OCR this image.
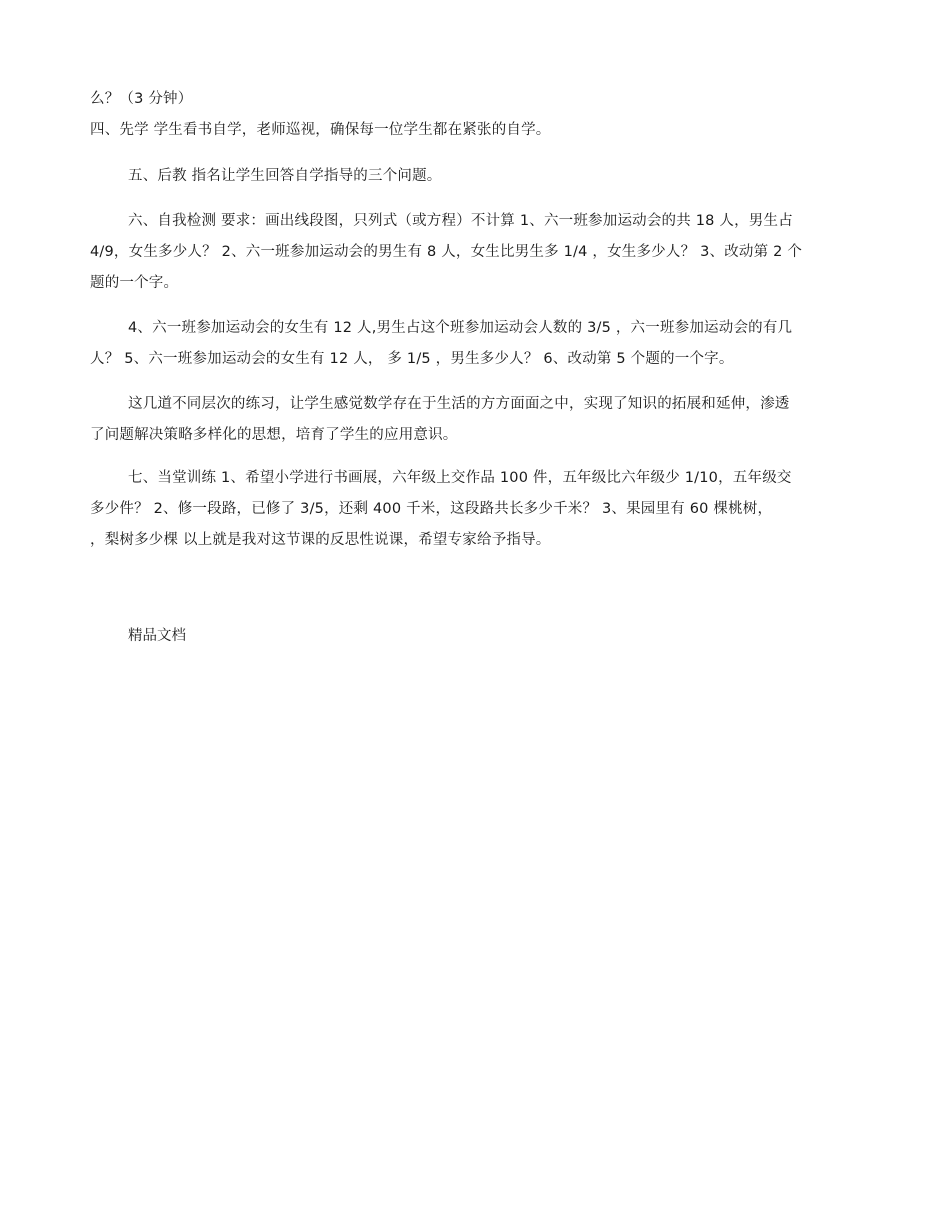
么？（3 分钟）
四、先学 学生看书自学，老师巡视，确保每一位学生都在紧张的自学。
五、后教 指名让学生回答自学指导的三个问题。
六、自我检测 要求：画出线段图，只列式（或方程）不计算 1、六一班参加运动会的共 18 人，男生占
4/9，女生多少人？ 2、六一班参加运动会的男生有 8 人，女生比男生多 1/4 ，女生多少人？ 3、改动第 2 个
题的一个字。
4、六一班参加运动会的女生有 12 人,男生占这个班参加运动会人数的 3/5 ，六一班参加运动会的有几
人？ 5、六一班参加运动会的女生有 12 人， 多 1/5 ，男生多少人？ 6、改动第 5 个题的一个字。
这几道不同层次的练习，让学生感觉数学存在于生活的方方面面之中，实现了知识的拓展和延伸，渗透
了问题解决策略多样化的思想，培育了学生的应用意识。
七、当堂训练 1、希望小学进行书画展，六年级上交作品 100 件，五年级比六年级少 1/10，五年级交
多少件？ 2、修一段路，已修了 3/5，还剩 400 千米，这段路共长多少千米？ 3、果园里有 60 棵桃树，
，梨树多少棵 以上就是我对这节课的反思性说课，希望专家给予指导。
精品文档
